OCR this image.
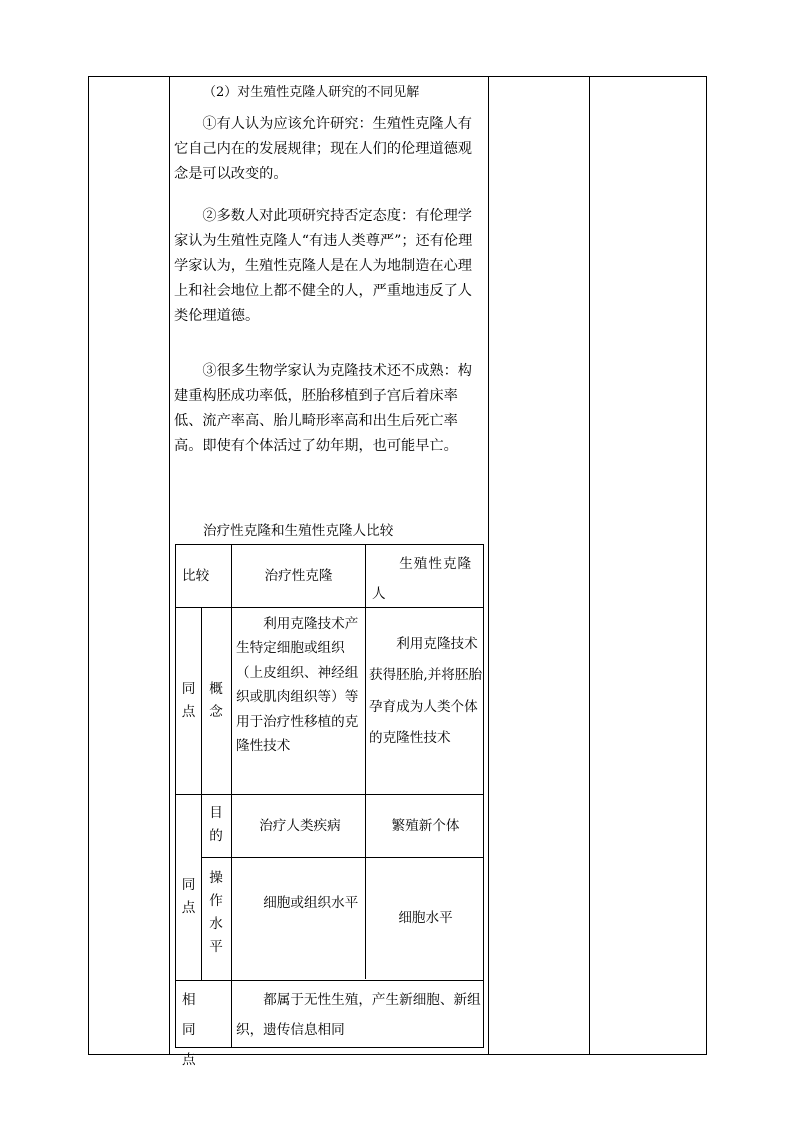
（2）对生殖性克隆人研究的不同见解
①有人认为应该允许研究：生殖性克隆人有它自己内在的发展规律；现在人们的伦理道德观念是可以改变的。
②多数人对此项研究持否定态度：有伦理学家认为生殖性克隆人“有违人类尊严”；还有伦理学家认为，生殖性克隆人是在人为地制造在心理上和社会地位上都不健全的人，严重地违反了人类伦理道德。
③很多生物学家认为克隆技术还不成熟：构建重构胚成功率低，胚胎移植到子宫后着床率低、流产率高、胎儿畸形率高和出生后死亡率高。即使有个体活过了幼年期，也可能早亡。
治疗性克隆和生殖性克隆人比较
比较	治疗性克隆
生殖性克隆人
同
点
概
念
利用克隆技术产生特定细胞或组织（上皮组织、神经组织或肌肉组织等）等用于治疗性移植的克隆性技术
利用克隆技术获得胚胎,并将胚胎孕育成为人类个体的克隆性技术
同
点
目
的
治疗人类疾病	繁殖新个体
操
作
水
平
细胞或组织水平
细胞水平
相同点
都属于无性生殖，产生新细胞、新组织，遗传信息相同
